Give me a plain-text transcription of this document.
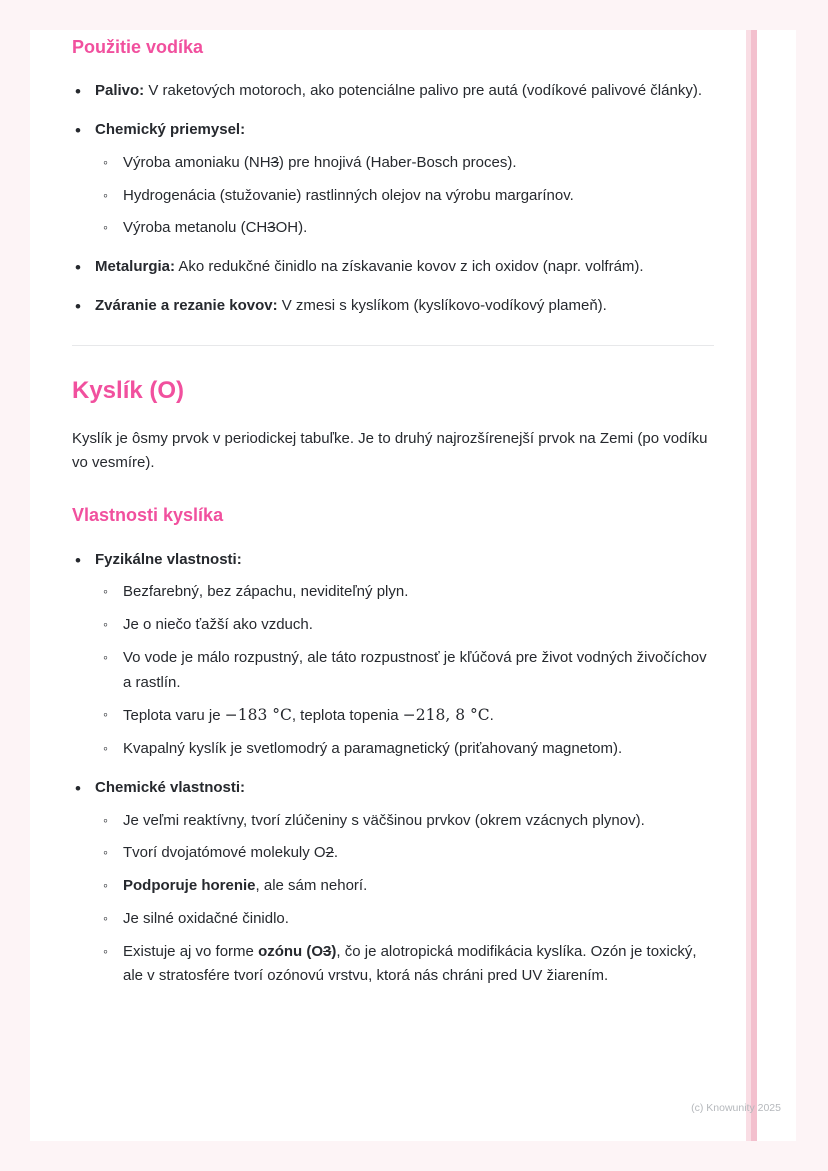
Použitie vodíka
• Palivo: V raketových motoroch, ako potenciálne palivo pre autá (vodíkové palivové články).
• Chemický priemysel:
◦ Výroba amoniaku (NH3) pre hnojivá (Haber-Bosch proces).
◦ Hydrogenácia (stužovanie) rastlinných olejov na výrobu margarínov.
◦ Výroba metanolu (CH3OH).
• Metalurgia: Ako redukčné činidlo na získavanie kovov z ich oxidov (napr. volfrám).
• Zváranie a rezanie kovov: V zmesi s kyslíkom (kyslíkovo-vodíkový plameň).
Kyslík (O)

Kyslík je ôsmy prvok v periodickej tabuľke. Je to druhý najrozšírenejší prvok na Zemi (po vodíku vo vesmíre).

Vlastnosti kyslíka
• Fyzikálne vlastnosti:
◦ Bezfarebný, bez zápachu, neviditeľný plyn.
◦ Je o niečo ťažší ako vzduch.
◦ Vo vode je málo rozpustný, ale táto rozpustnosť je kľúčová pre život vodných živočíchov a rastlín.
◦ Teplota varu je −183 °C, teplota topenia −218, 8 °C.
◦ Kvapalný kyslík je svetlomodrý a paramagnetický (priťahovaný magnetom).
• Chemické vlastnosti:
◦ Je veľmi reaktívny, tvorí zlúčeniny s väčšinou prvkov (okrem vzácnych plynov).
◦ Tvorí dvojatómové molekuly O2.
◦ Podporuje horenie, ale sám nehorí.
◦ Je silné oxidačné činidlo.
◦ Existuje aj vo forme ozónu (O3), čo je alotropická modifikácia kyslíka. Ozón je toxický, ale v stratosfére tvorí ozónovú vrstvu, ktorá nás chráni pred UV žiarením.
(c) Knowunity 2025
